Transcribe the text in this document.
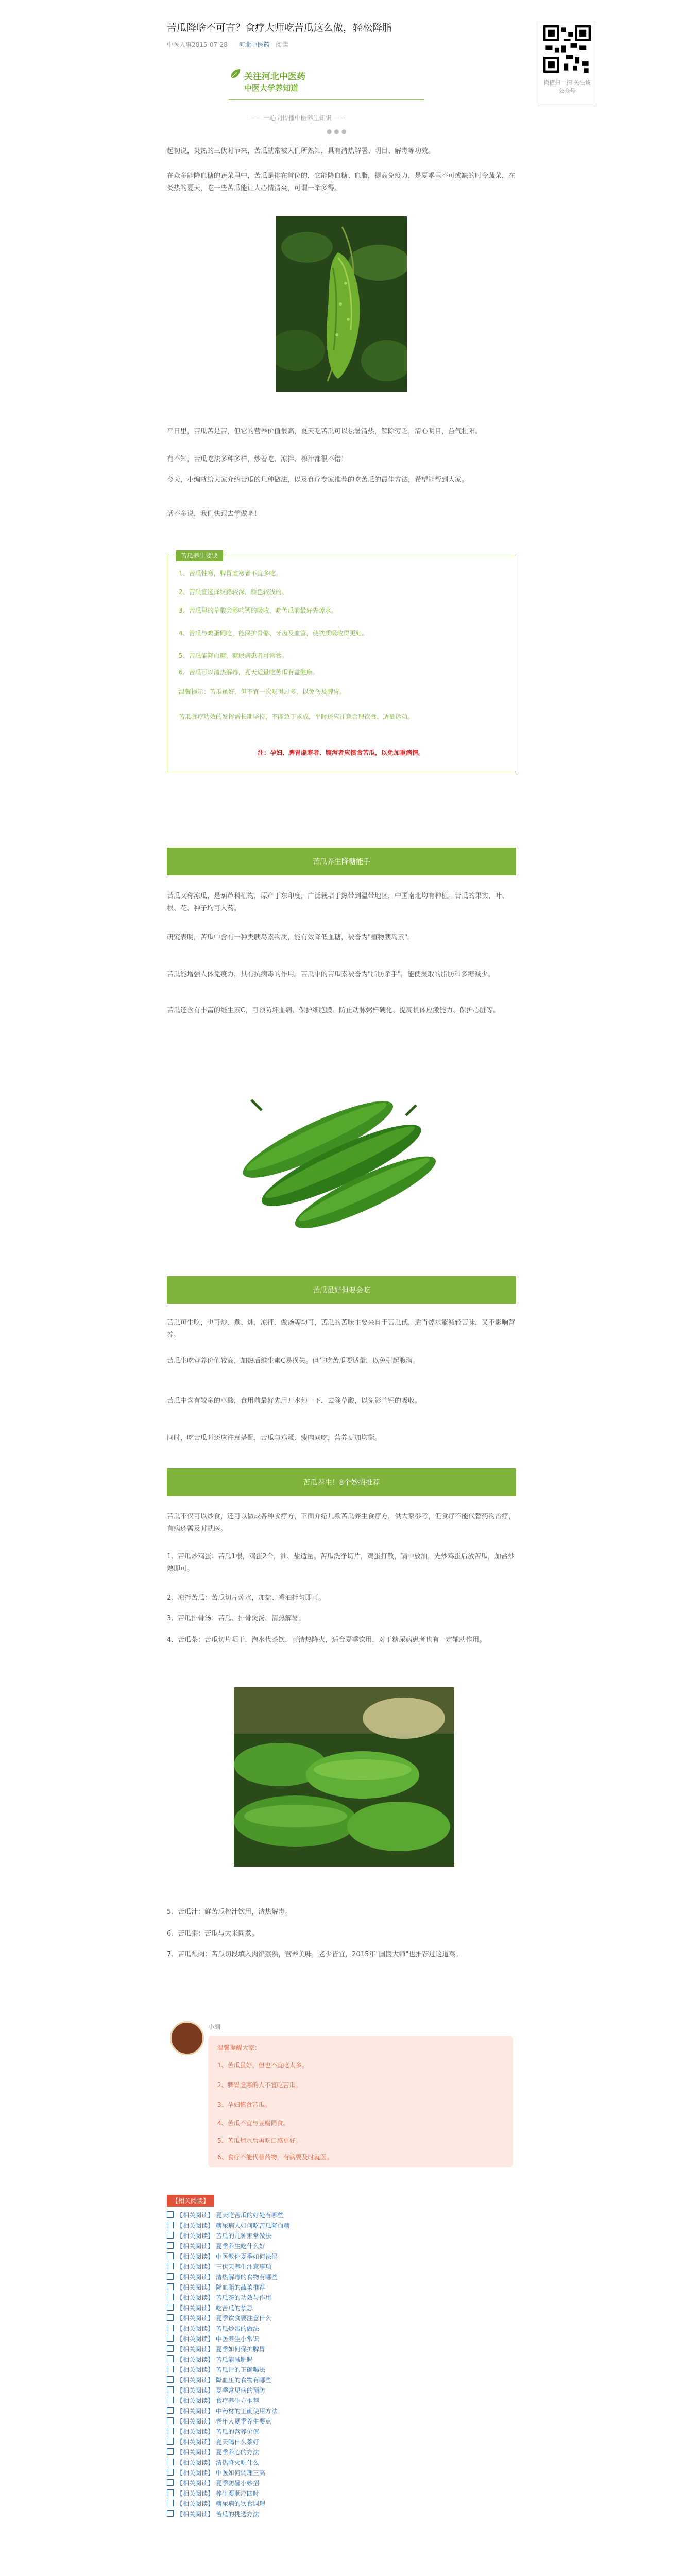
苦瓜降啥不可言？食疗大师吃苦瓜这么做，轻松降脂
中医人事2015-07-28 河北中医药 阅读
微信扫一扫 关注该公众号
关注河北中医药
中医大学养知道
—— 一心向传播中医养生知识 ——
● ● ●
起初说，炎热的三伏时节来，苦瓜就常被人们所熟知，具有清热解暑、明目、解毒等功效。
在众多能降血糖的蔬菜里中，苦瓜是排在首位的，它能降血糖、血脂，提高免疫力，是夏季里不可或缺的时令蔬菜，在炎热的夏天，吃一些苦瓜能让人心情清爽，可谓一举多得。
平日里，苦瓜苦是苦，但它的营养价值很高，夏天吃苦瓜可以祛暑清热，解除劳乏，清心明目，益气壮阳。
有不知，苦瓜吃法多种多样，炒着吃、凉拌、榨汁都很不错！
今天，小编就给大家介绍苦瓜的几种做法，以及食疗专家推荐的吃苦瓜的最佳方法，希望能帮到大家。
话不多说，我们快跟去学做吧！
苦瓜养生要诀
1、苦瓜性寒，脾胃虚寒者不宜多吃。
2、苦瓜宜选择纹路较深、颜色较浅的。
3、苦瓜里的草酸会影响钙的吸收，吃苦瓜前最好先焯水。
4、苦瓜与鸡蛋同吃，能保护骨骼、牙齿及血管，使铁质吸收得更好。
5、苦瓜能降血糖，糖尿病患者可常食。
6、苦瓜可以清热解毒，夏天适量吃苦瓜有益健康。
温馨提示：苦瓜虽好，但不宜一次吃得过多，以免伤及脾胃。
苦瓜食疗功效的发挥需长期坚持，不能急于求成，平时还应注意合理饮食、适量运动。
注：孕妇、脾胃虚寒者、腹泻者应慎食苦瓜，以免加重病情。
苦瓜养生降糖能手
苦瓜又称凉瓜，是葫芦科植物，原产于东印度，广泛栽培于热带到温带地区，中国南北均有种植。苦瓜的果实、叶、根、花、种子均可入药。
研究表明，苦瓜中含有一种类胰岛素物质，能有效降低血糖，被誉为"植物胰岛素"。
苦瓜能增强人体免疫力，具有抗病毒的作用。苦瓜中的苦瓜素被誉为"脂肪杀手"，能使摄取的脂肪和多糖减少。
苦瓜还含有丰富的维生素C，可预防坏血病、保护细胞膜、防止动脉粥样硬化、提高机体应激能力、保护心脏等。
苦瓜虽好但要会吃
苦瓜可生吃，也可炒、煮、炖，凉拌、做汤等均可，苦瓜的苦味主要来自于苦瓜甙，适当焯水能减轻苦味，又不影响营养。
苦瓜生吃营养价值较高，加热后维生素C易损失。但生吃苦瓜要适量，以免引起腹泻。
苦瓜中含有较多的草酸，食用前最好先用开水焯一下，去除草酸，以免影响钙的吸收。
同时，吃苦瓜时还应注意搭配，苦瓜与鸡蛋、瘦肉同吃，营养更加均衡。
苦瓜养生！8个妙招推荐
苦瓜不仅可以炒食，还可以做成各种食疗方，下面介绍几款苦瓜养生食疗方，供大家参考，但食疗不能代替药物治疗，有病还需及时就医。
1、苦瓜炒鸡蛋：苦瓜1根，鸡蛋2个，油、盐适量。苦瓜洗净切片，鸡蛋打散，锅中放油，先炒鸡蛋后放苦瓜，加盐炒熟即可。
2、凉拌苦瓜：苦瓜切片焯水，加盐、香油拌匀即可。
3、苦瓜排骨汤：苦瓜、排骨煲汤，清热解暑。
4、苦瓜茶：苦瓜切片晒干，泡水代茶饮，可清热降火，适合夏季饮用，对于糖尿病患者也有一定辅助作用。
5、苦瓜汁：鲜苦瓜榨汁饮用，清热解毒。
6、苦瓜粥：苦瓜与大米同煮。
7、苦瓜酿肉：苦瓜切段填入肉馅蒸熟，营养美味，老少皆宜，2015年"国医大师"也推荐过这道菜。
小编
温馨提醒大家：
1、苦瓜虽好，但也不宜吃太多。
2、脾胃虚寒的人不宜吃苦瓜。
3、孕妇慎食苦瓜。
4、苦瓜不宜与豆腐同食。
5、苦瓜焯水后再吃口感更好。
6、食疗不能代替药物，有病要及时就医。
【相关阅读】
【相关阅读】 夏天吃苦瓜的好处有哪些
【相关阅读】 糖尿病人如何吃苦瓜降血糖
【相关阅读】 苦瓜的几种家常做法
【相关阅读】 夏季养生吃什么好
【相关阅读】 中医教你夏季如何祛湿
【相关阅读】 三伏天养生注意事项
【相关阅读】 清热解毒的食物有哪些
【相关阅读】 降血脂的蔬菜推荐
【相关阅读】 苦瓜茶的功效与作用
【相关阅读】 吃苦瓜的禁忌
【相关阅读】 夏季饮食要注意什么
【相关阅读】 苦瓜炒蛋的做法
【相关阅读】 中医养生小常识
【相关阅读】 夏季如何保护脾胃
【相关阅读】 苦瓜能减肥吗
【相关阅读】 苦瓜汁的正确喝法
【相关阅读】 降血压的食物有哪些
【相关阅读】 夏季常见病的预防
【相关阅读】 食疗养生方推荐
【相关阅读】 中药材的正确使用方法
【相关阅读】 老年人夏季养生要点
【相关阅读】 苦瓜的营养价值
【相关阅读】 夏天喝什么茶好
【相关阅读】 夏季养心的方法
【相关阅读】 清热降火吃什么
【相关阅读】 中医如何调理三高
【相关阅读】 夏季防暑小妙招
【相关阅读】 养生要顺应四时
【相关阅读】 糖尿病的饮食调理
【相关阅读】 苦瓜的挑选方法
